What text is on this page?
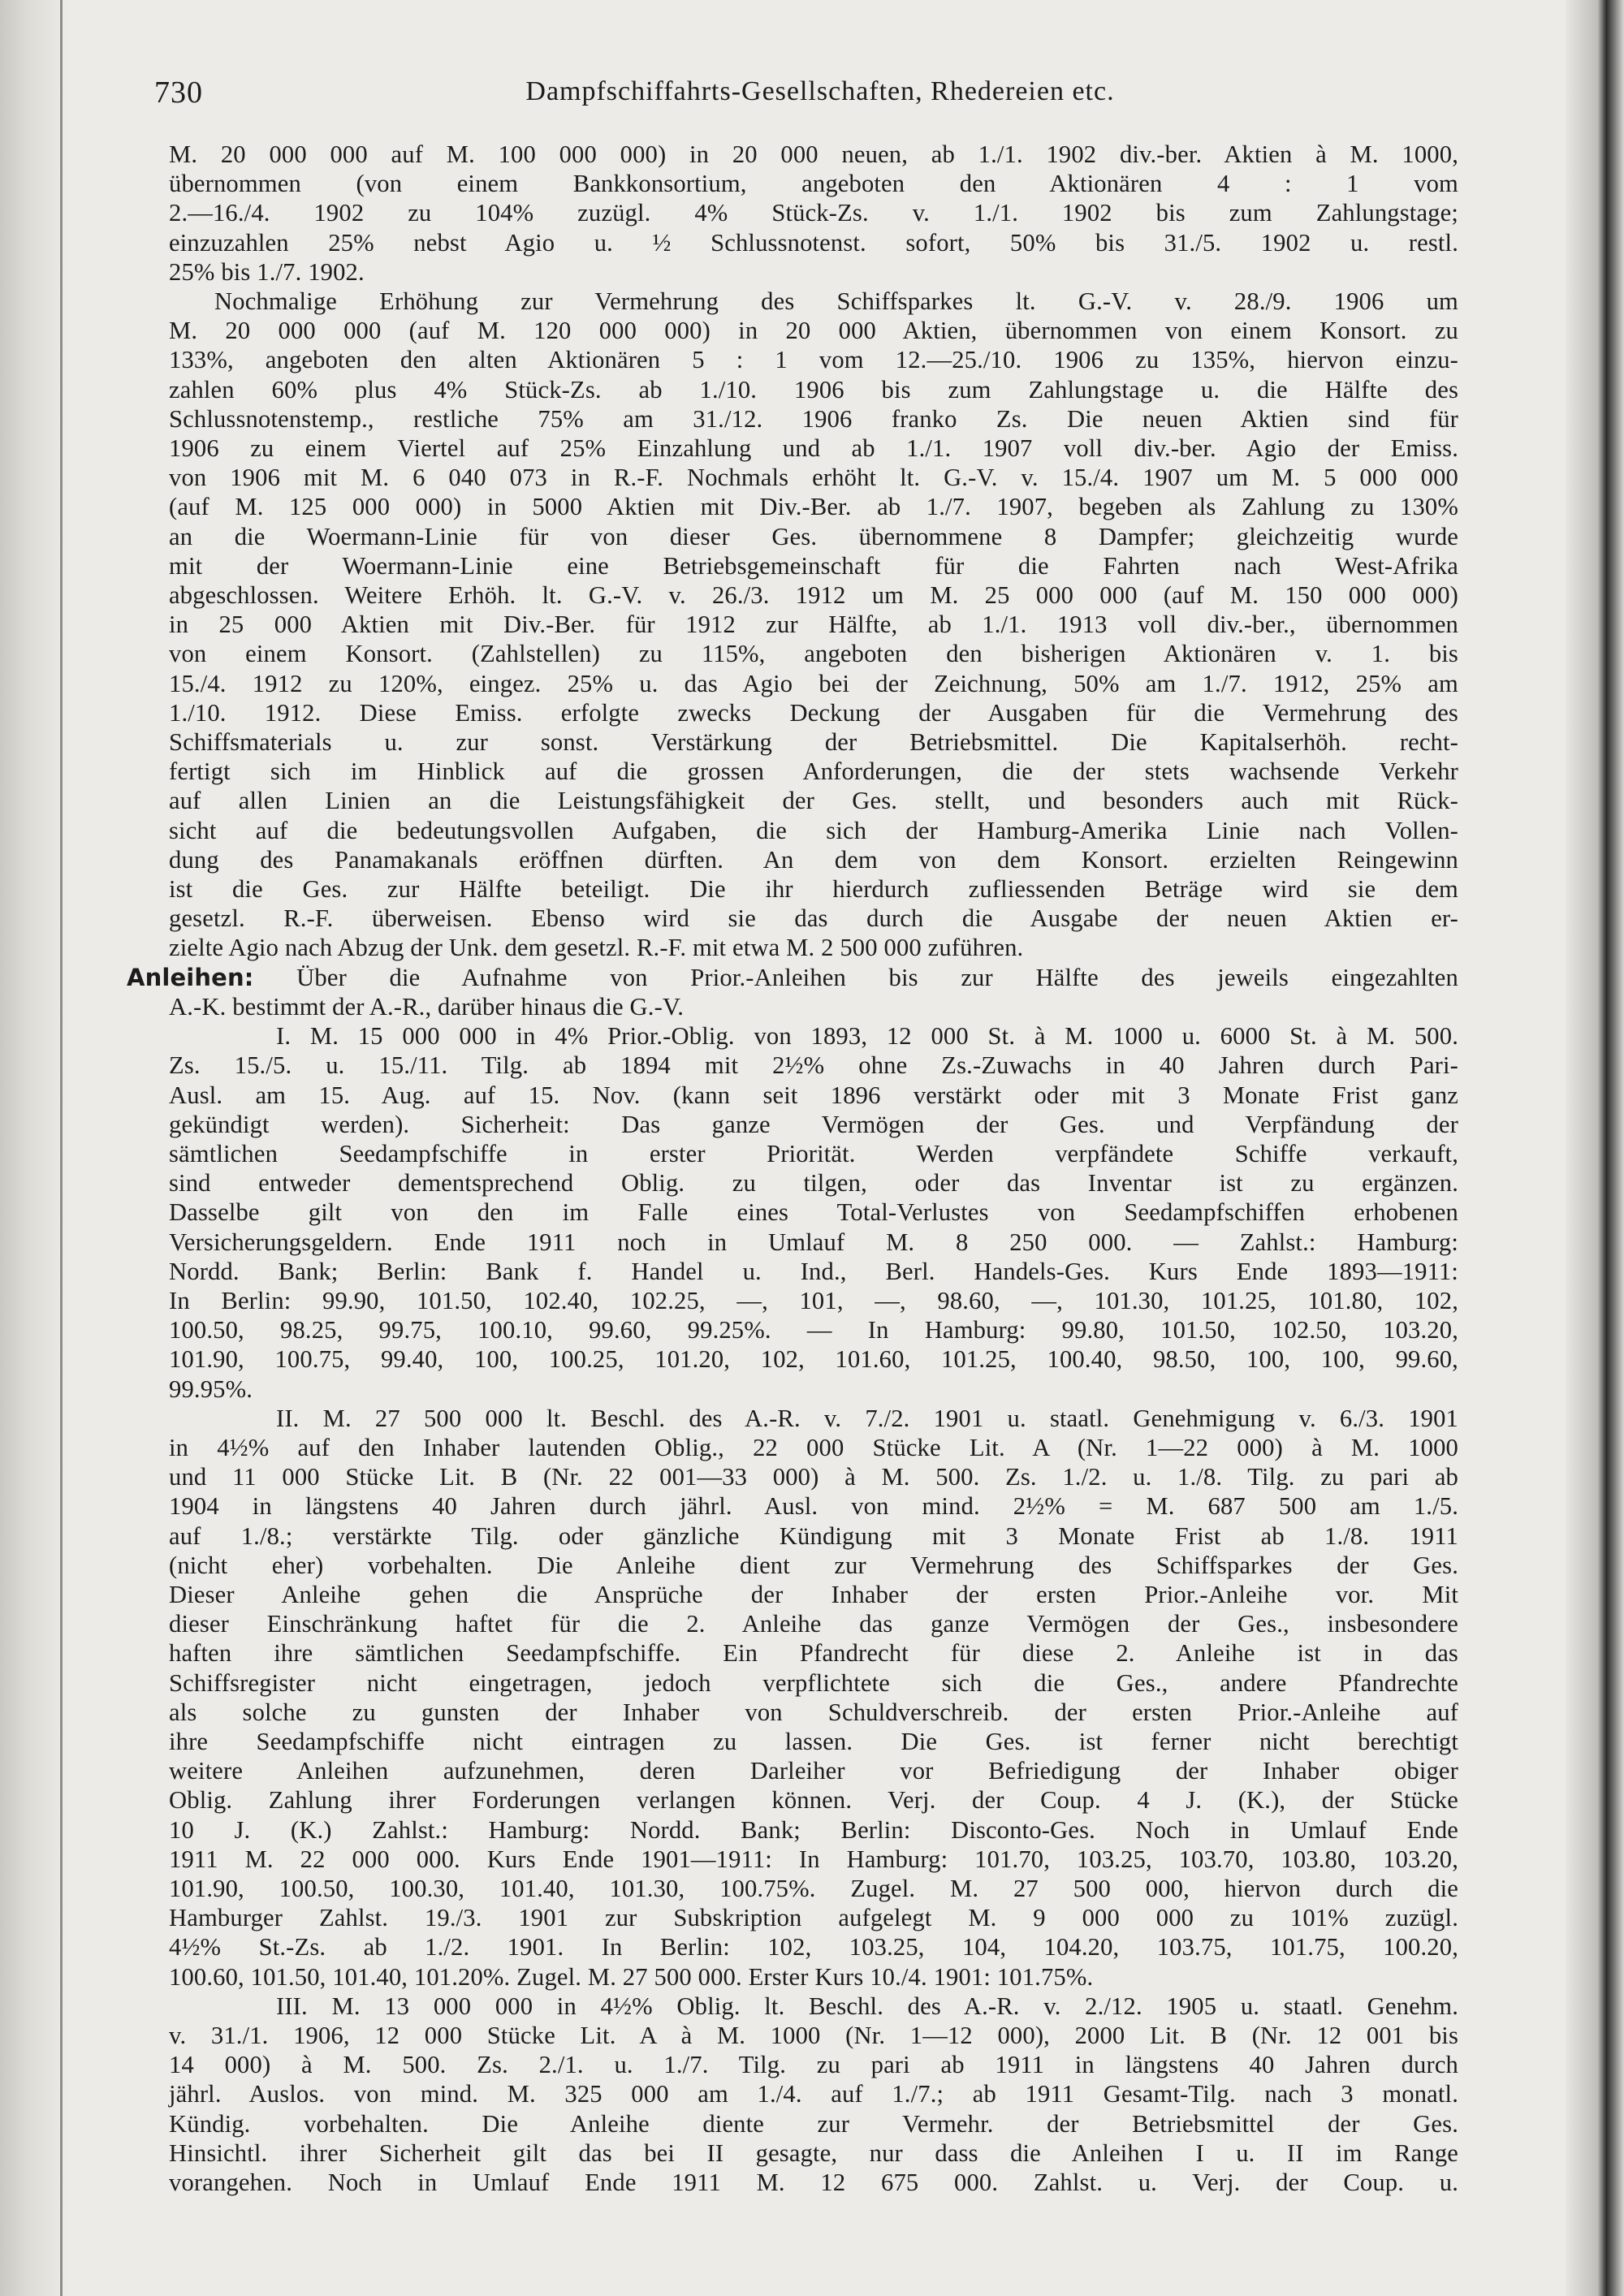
730	Dampfschiffahrts-Gesellschaften, Rhedereien etc.

M. 20 000 000 auf M. 100 000 000) in 20 000 neuen, ab 1./1. 1902 div.-ber. Aktien à M. 1000,

übernommen (von einem Bankkonsortium, angeboten den Aktionären 4 : 1 vom

2.—16./4. 1902 zu 104% zuzügl. 4% Stück-Zs. v. 1./1. 1902 bis zum Zahlungstage;

einzuzahlen 25% nebst Agio u. ½ Schlussnotenst. sofort, 50% bis 31./5. 1902 u. restl.

25% bis 1./7. 1902.

Nochmalige Erhöhung zur Vermehrung des Schiffsparkes lt. G.-V. v. 28./9. 1906 um

M. 20 000 000 (auf M. 120 000 000) in 20 000 Aktien, übernommen von einem Konsort. zu

133%, angeboten den alten Aktionären 5 : 1 vom 12.—25./10. 1906 zu 135%, hiervon einzu-

zahlen 60% plus 4% Stück-Zs. ab 1./10. 1906 bis zum Zahlungstage u. die Hälfte des

Schlussnotenstemp., restliche 75% am 31./12. 1906 franko Zs. Die neuen Aktien sind für

1906 zu einem Viertel auf 25% Einzahlung und ab 1./1. 1907 voll div.-ber. Agio der Emiss.

von 1906 mit M. 6 040 073 in R.-F. Nochmals erhöht lt. G.-V. v. 15./4. 1907 um M. 5 000 000

(auf M. 125 000 000) in 5000 Aktien mit Div.-Ber. ab 1./7. 1907, begeben als Zahlung zu 130%

an die Woermann-Linie für von dieser Ges. übernommene 8 Dampfer; gleichzeitig wurde

mit der Woermann-Linie eine Betriebsgemeinschaft für die Fahrten nach West-Afrika

abgeschlossen. Weitere Erhöh. lt. G.-V. v. 26./3. 1912 um M. 25 000 000 (auf M. 150 000 000)

in 25 000 Aktien mit Div.-Ber. für 1912 zur Hälfte, ab 1./1. 1913 voll div.-ber., übernommen

von einem Konsort. (Zahlstellen) zu 115%, angeboten den bisherigen Aktionären v. 1. bis

15./4. 1912 zu 120%, eingez. 25% u. das Agio bei der Zeichnung, 50% am 1./7. 1912, 25% am

1./10. 1912. Diese Emiss. erfolgte zwecks Deckung der Ausgaben für die Vermehrung des

Schiffsmaterials u. zur sonst. Verstärkung der Betriebsmittel. Die Kapitalserhöh. recht-

fertigt sich im Hinblick auf die grossen Anforderungen, die der stets wachsende Verkehr

auf allen Linien an die Leistungsfähigkeit der Ges. stellt, und besonders auch mit Rück-

sicht auf die bedeutungsvollen Aufgaben, die sich der Hamburg-Amerika Linie nach Vollen-

dung des Panamakanals eröffnen dürften. An dem von dem Konsort. erzielten Reingewinn

ist die Ges. zur Hälfte beteiligt. Die ihr hierdurch zufliessenden Beträge wird sie dem

gesetzl. R.-F. überweisen. Ebenso wird sie das durch die Ausgabe der neuen Aktien er-

zielte Agio nach Abzug der Unk. dem gesetzl. R.-F. mit etwa M. 2 500 000 zuführen.

Anleihen: Über die Aufnahme von Prior.-Anleihen bis zur Hälfte des jeweils eingezahlten

A.-K. bestimmt der A.-R., darüber hinaus die G.-V.

I. M. 15 000 000 in 4% Prior.-Oblig. von 1893, 12 000 St. à M. 1000 u. 6000 St. à M. 500.

Zs. 15./5. u. 15./11. Tilg. ab 1894 mit 2½% ohne Zs.-Zuwachs in 40 Jahren durch Pari-

Ausl. am 15. Aug. auf 15. Nov. (kann seit 1896 verstärkt oder mit 3 Monate Frist ganz

gekündigt werden). Sicherheit: Das ganze Vermögen der Ges. und Verpfändung der

sämtlichen Seedampfschiffe in erster Priorität. Werden verpfändete Schiffe verkauft,

sind entweder dementsprechend Oblig. zu tilgen, oder das Inventar ist zu ergänzen.

Dasselbe gilt von den im Falle eines Total-Verlustes von Seedampfschiffen erhobenen

Versicherungsgeldern. Ende 1911 noch in Umlauf M. 8 250 000. — Zahlst.: Hamburg:

Nordd. Bank; Berlin: Bank f. Handel u. Ind., Berl. Handels-Ges. Kurs Ende 1893—1911:

In Berlin: 99.90, 101.50, 102.40, 102.25, —, 101, —, 98.60, —, 101.30, 101.25, 101.80, 102,

100.50, 98.25, 99.75, 100.10, 99.60, 99.25%. — In Hamburg: 99.80, 101.50, 102.50, 103.20,

101.90, 100.75, 99.40, 100, 100.25, 101.20, 102, 101.60, 101.25, 100.40, 98.50, 100, 100, 99.60,

99.95%.

II. M. 27 500 000 lt. Beschl. des A.-R. v. 7./2. 1901 u. staatl. Genehmigung v. 6./3. 1901

in 4½% auf den Inhaber lautenden Oblig., 22 000 Stücke Lit. A (Nr. 1—22 000) à M. 1000

und 11 000 Stücke Lit. B (Nr. 22 001—33 000) à M. 500. Zs. 1./2. u. 1./8. Tilg. zu pari ab

1904 in längstens 40 Jahren durch jährl. Ausl. von mind. 2½% = M. 687 500 am 1./5.

auf 1./8.; verstärkte Tilg. oder gänzliche Kündigung mit 3 Monate Frist ab 1./8. 1911

(nicht eher) vorbehalten. Die Anleihe dient zur Vermehrung des Schiffsparkes der Ges.

Dieser Anleihe gehen die Ansprüche der Inhaber der ersten Prior.-Anleihe vor. Mit

dieser Einschränkung haftet für die 2. Anleihe das ganze Vermögen der Ges., insbesondere

haften ihre sämtlichen Seedampfschiffe. Ein Pfandrecht für diese 2. Anleihe ist in das

Schiffsregister nicht eingetragen, jedoch verpflichtete sich die Ges., andere Pfandrechte

als solche zu gunsten der Inhaber von Schuldverschreib. der ersten Prior.-Anleihe auf

ihre Seedampfschiffe nicht eintragen zu lassen. Die Ges. ist ferner nicht berechtigt

weitere Anleihen aufzunehmen, deren Darleiher vor Befriedigung der Inhaber obiger

Oblig. Zahlung ihrer Forderungen verlangen können. Verj. der Coup. 4 J. (K.), der Stücke

10 J. (K.) Zahlst.: Hamburg: Nordd. Bank; Berlin: Disconto-Ges. Noch in Umlauf Ende

1911 M. 22 000 000. Kurs Ende 1901—1911: In Hamburg: 101.70, 103.25, 103.70, 103.80, 103.20,

101.90, 100.50, 100.30, 101.40, 101.30, 100.75%. Zugel. M. 27 500 000, hiervon durch die

Hamburger Zahlst. 19./3. 1901 zur Subskription aufgelegt M. 9 000 000 zu 101% zuzügl.

4½% St.-Zs. ab 1./2. 1901. In Berlin: 102, 103.25, 104, 104.20, 103.75, 101.75, 100.20,

100.60, 101.50, 101.40, 101.20%. Zugel. M. 27 500 000. Erster Kurs 10./4. 1901: 101.75%.

III. M. 13 000 000 in 4½% Oblig. lt. Beschl. des A.-R. v. 2./12. 1905 u. staatl. Genehm.

v. 31./1. 1906, 12 000 Stücke Lit. A à M. 1000 (Nr. 1—12 000), 2000 Lit. B (Nr. 12 001 bis

14 000) à M. 500. Zs. 2./1. u. 1./7. Tilg. zu pari ab 1911 in längstens 40 Jahren durch

jährl. Auslos. von mind. M. 325 000 am 1./4. auf 1./7.; ab 1911 Gesamt-Tilg. nach 3 monatl.

Kündig. vorbehalten. Die Anleihe diente zur Vermehr. der Betriebsmittel der Ges.

Hinsichtl. ihrer Sicherheit gilt das bei II gesagte, nur dass die Anleihen I u. II im Range

vorangehen. Noch in Umlauf Ende 1911 M. 12 675 000. Zahlst. u. Verj. der Coup. u.
